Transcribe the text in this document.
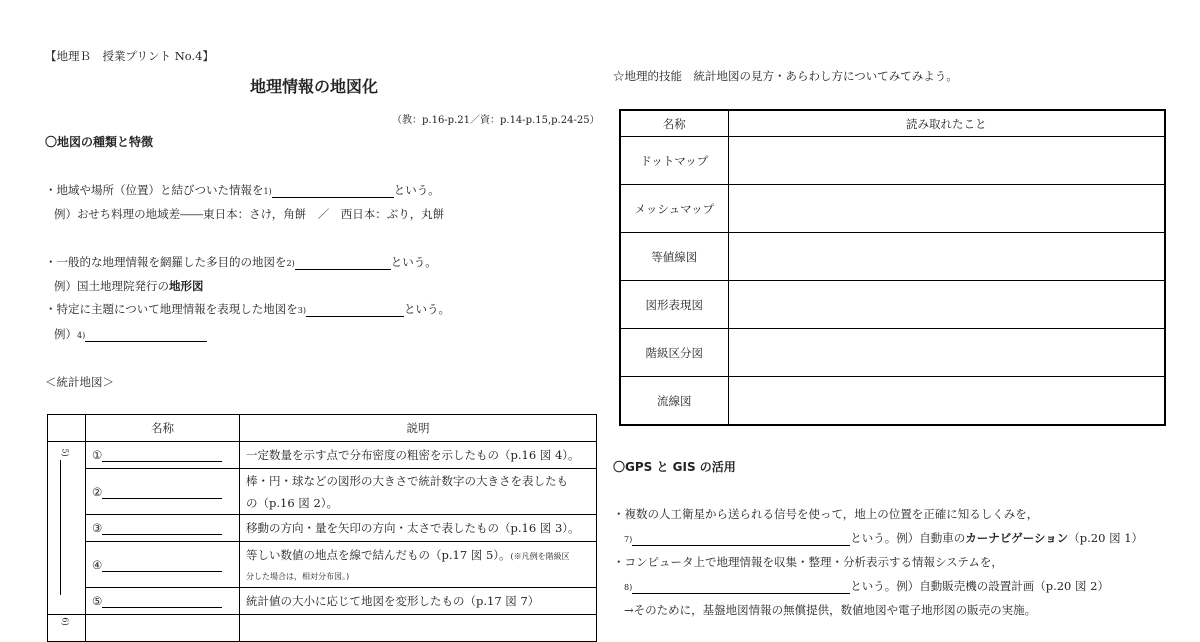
【地理Ｂ　授業プリント No.4】
地理情報の地図化
（教：p.16-p.21／資：p.14-p.15,p.24-25）
〇地図の種類と特徴
・地域や場所（位置）と結びついた情報を1)	という。
例）おせち料理の地域差――東日本：さけ，角餅　／　西日本：ぶり，丸餅
・一般的な地理情報を網羅した多目的の地図を2)	という。
例）国土地理院発行の地形図
・特定に主題について地理情報を表現した地図を3)	という。
例）4)
＜統計地図＞
	名称	説明

5)	①	一定数量を示す点で分布密度の粗密を示したもの（p.16 図 4）。
	②	棒・円・球などの図形の大きさで統計数字の大きさを表したも
の（p.16 図 2）。

	③	移動の方向・量を矢印の方向・太さで表したもの（p.16 図 3）。
	④	等しい数値の地点を線で結んだもの（p.17 図 5）。(※凡例を階級区
分した場合は，相対分布図。)

	⑤	統計値の大小に応じて地図を変形したもの（p.17 図 7）

6)		

☆地理的技能　統計地図の見方・あらわし方についてみてみよう。
名称	読み取れたこと
ドットマップ	
メッシュマップ	
等値線図	
図形表現図	
階級区分図	
流線図	
〇GPS と GIS の活用
・複数の人工衛星から送られる信号を使って，地上の位置を正確に知るしくみを，
7)	という。例）自動車のカーナビゲーション（p.20 図 1）
・コンピュータ上で地理情報を収集・整理・分析表示する情報システムを，
8)	という。例）自動販売機の設置計画（p.20 図 2）
→そのために，基盤地図情報の無償提供，数値地図や電子地形図の販売の実施。
